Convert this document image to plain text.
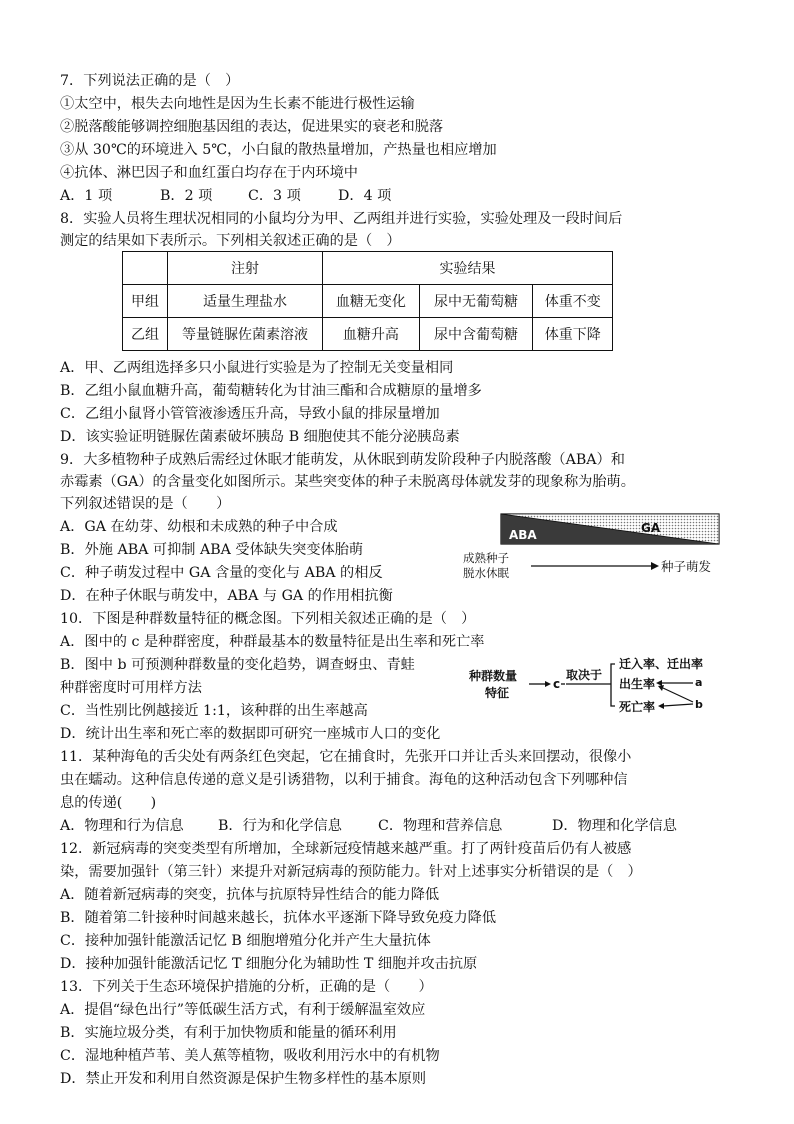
7．下列说法正确的是（　）
①太空中，根失去向地性是因为生长素不能进行极性运输
②脱落酸能够调控细胞基因组的表达，促进果实的衰老和脱落
③从 30℃的环境进入 5℃，小白鼠的散热量增加，产热量也相应增加
④抗体、淋巴因子和血红蛋白均存在于内环境中
A．1 项	B．2 项	C．3 项	D．4 项
8．实验人员将生理状况相同的小鼠均分为甲、乙两组并进行实验，实验处理及一段时间后
测定的结果如下表所示。下列相关叙述正确的是（　）
	注射	实验结果		
甲组	适量生理盐水	血糖无变化	尿中无葡萄糖	体重不变
乙组	等量链脲佐菌素溶液	血糖升高	尿中含葡萄糖	体重下降
A．甲、乙两组选择多只小鼠进行实验是为了控制无关变量相同
B．乙组小鼠血糖升高，葡萄糖转化为甘油三酯和合成糖原的量增多
C．乙组小鼠肾小管管液渗透压升高，导致小鼠的排尿量增加
D．该实验证明链脲佐菌素破坏胰岛 B 细胞使其不能分泌胰岛素
9．大多植物种子成熟后需经过休眠才能萌发，从休眠到萌发阶段种子内脱落酸（ABA）和
赤霉素（GA）的含量变化如图所示。某些突变体的种子未脱离母体就发芽的现象称为胎萌。
下列叙述错误的是（　　）
A．GA 在幼芽、幼根和未成熟的种子中合成
B．外施 ABA 可抑制 ABA 受体缺失突变体胎萌
C．种子萌发过程中 GA 含量的变化与 ABA 的相反
D．在种子休眠与萌发中，ABA 与 GA 的作用相抗衡
ABA	GA
成熟种子
脱水休眠	种子萌发
10．下图是种群数量特征的概念图。下列相关叙述正确的是（　）
A．图中的 c 是种群密度，种群最基本的数量特征是出生率和死亡率
B．图中 b 可预测种群数量的变化趋势，调查蚜虫、青蛙
种群密度时可用样方法
C．当性别比例越接近 1:1，该种群的出生率越高
D．统计出生率和死亡率的数据即可研究一座城市人口的变化
种群数量
特征
c
取决于
迁入率、迁出率
出生率
死亡率
a
b
11．某种海龟的舌尖处有两条红色突起，它在捕食时，先张开口并让舌头来回摆动，很像小
虫在蠕动。这种信息传递的意义是引诱猎物，以利于捕食。海龟的这种活动包含下列哪种信
息的传递(　　)
A．物理和行为信息 B．行为和化学信息	C．物理和营养信息	D．物理和化学信息
12．新冠病毒的突变类型有所增加，全球新冠疫情越来越严重。打了两针疫苗后仍有人被感
染，需要加强针（第三针）来提升对新冠病毒的预防能力。针对上述事实分析错误的是（　）
A．随着新冠病毒的突变，抗体与抗原特异性结合的能力降低
B．随着第二针接种时间越来越长，抗体水平逐渐下降导致免疫力降低
C．接种加强针能激活记忆 B 细胞增殖分化并产生大量抗体
D．接种加强针能激活记忆 T 细胞分化为辅助性 T 细胞并攻击抗原
13．下列关于生态环境保护措施的分析，正确的是（　　）
A．提倡“绿色出行”等低碳生活方式，有利于缓解温室效应
B．实施垃圾分类，有利于加快物质和能量的循环利用
C．湿地种植芦苇、美人蕉等植物，吸收利用污水中的有机物
D．禁止开发和利用自然资源是保护生物多样性的基本原则
